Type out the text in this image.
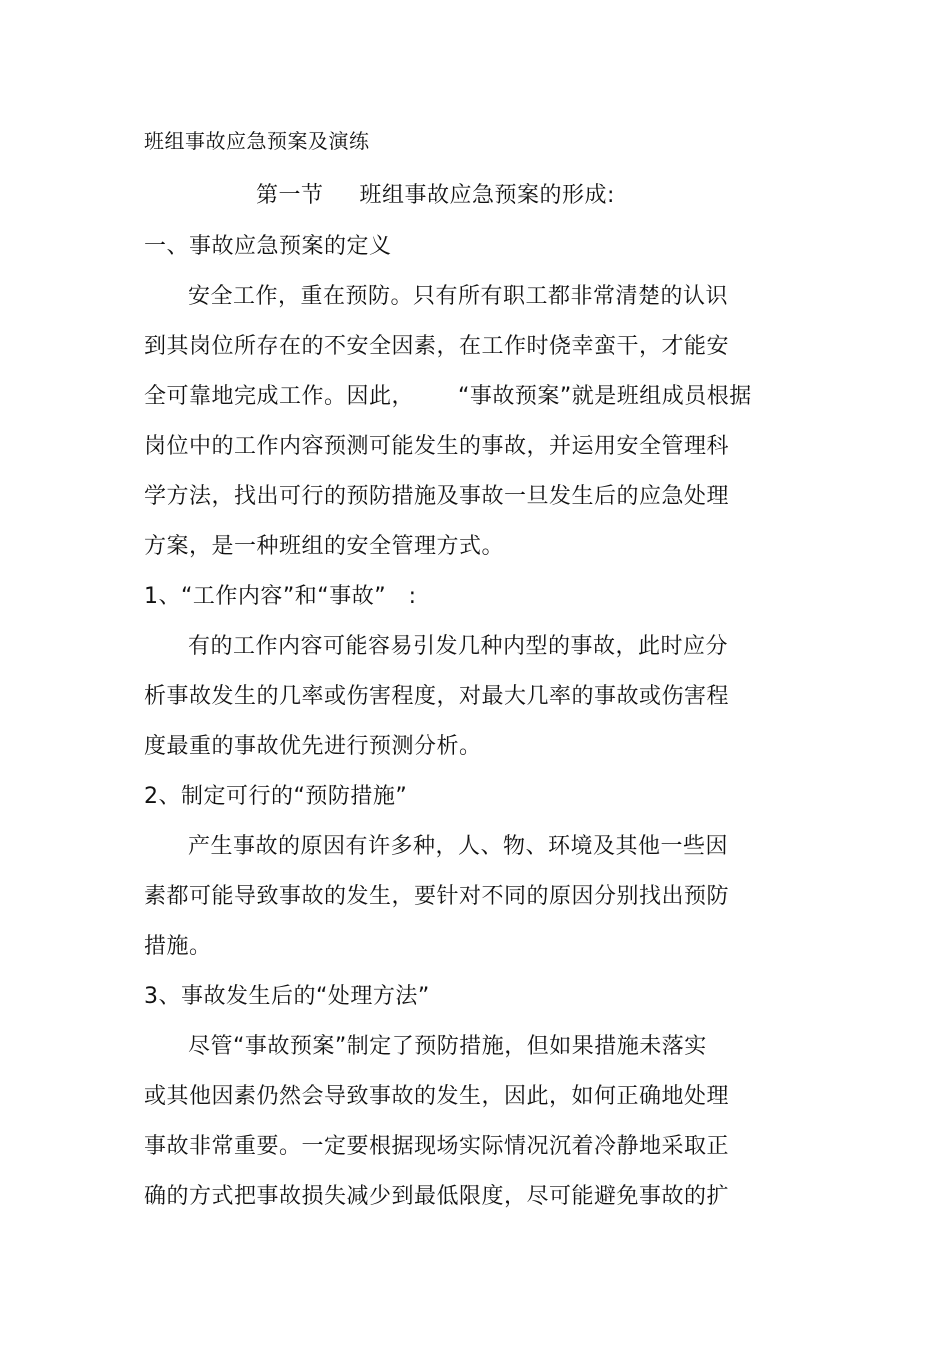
班组事故应急预案及演练
第一节 班组事故应急预案的形成:
一、事故应急预案的定义
安全工作，重在预防。只有所有职工都非常清楚的认识
到其岗位所存在的不安全因素，在工作时侥幸蛮干，才能安
全可靠地完成工作。因此， “事故预案”就是班组成员根据
岗位中的工作内容预测可能发生的事故，并运用安全管理科
学方法，找出可行的预防措施及事故一旦发生后的应急处理
方案，是一种班组的安全管理方式。
1、“工作内容”和“事故”　:
有的工作内容可能容易引发几种内型的事故，此时应分
析事故发生的几率或伤害程度，对最大几率的事故或伤害程
度最重的事故优先进行预测分析。
2、制定可行的“预防措施”
产生事故的原因有许多种，人、物、环境及其他一些因
素都可能导致事故的发生，要针对不同的原因分别找出预防
措施。
3、事故发生后的“处理方法”
尽管“事故预案”制定了预防措施，但如果措施未落实
或其他因素仍然会导致事故的发生，因此，如何正确地处理
事故非常重要。一定要根据现场实际情况沉着冷静地采取正
确的方式把事故损失减少到最低限度，尽可能避免事故的扩
